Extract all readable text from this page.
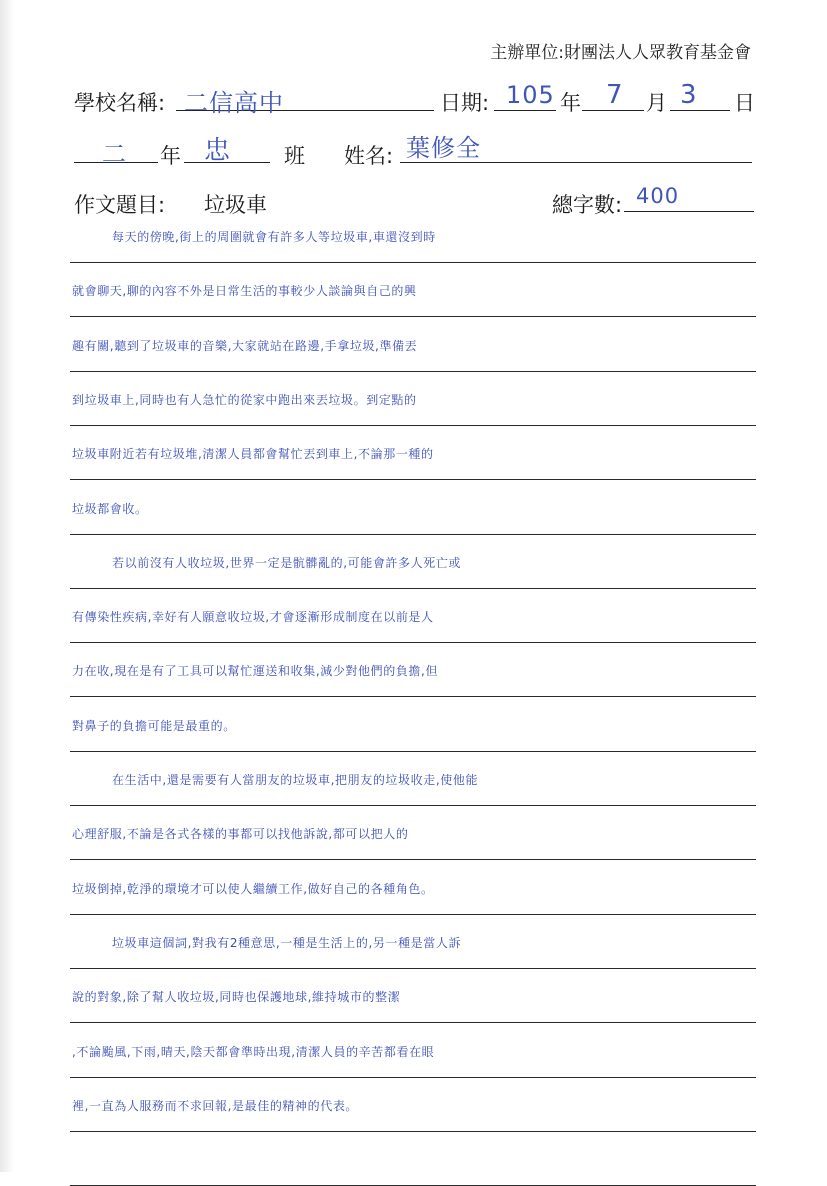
主辦單位:財團法人人眾教育基金會
學校名稱: 二信高中	日期: 105 年 7 月 3 日
二 年 忠	班 姓名: 葉修全
作文題目: 垃圾車	總字數: 400
每天的傍晚,街上的周圍就會有許多人等垃圾車,車還沒到時
就會聊天,聊的內容不外是日常生活的事較少人談論與自己的興
趣有關,聽到了垃圾車的音樂,大家就站在路邊,手拿垃圾,準備丟
到垃圾車上,同時也有人急忙的從家中跑出來丟垃圾。到定點的
垃圾車附近若有垃圾堆,清潔人員都會幫忙丟到車上,不論那一種的
垃圾都會收。
若以前沒有人收垃圾,世界一定是骯髒亂的,可能會許多人死亡或
有傳染性疾病,幸好有人願意收垃圾,才會逐漸形成制度在以前是人
力在收,現在是有了工具可以幫忙運送和收集,減少對他們的負擔,但
對鼻子的負擔可能是最重的。
在生活中,還是需要有人當朋友的垃圾車,把朋友的垃圾收走,使他能
心理舒服,不論是各式各樣的事都可以找他訴說,都可以把人的
垃圾倒掉,乾淨的環境才可以使人繼續工作,做好自己的各種角色。
垃圾車這個詞,對我有2種意思,一種是生活上的,另一種是當人訴
說的對象,除了幫人收垃圾,同時也保護地球,維持城市的整潔
,不論颱風,下雨,晴天,陰天都會準時出現,清潔人員的辛苦都看在眼
裡,一直為人服務而不求回報,是最佳的精神的代表。
